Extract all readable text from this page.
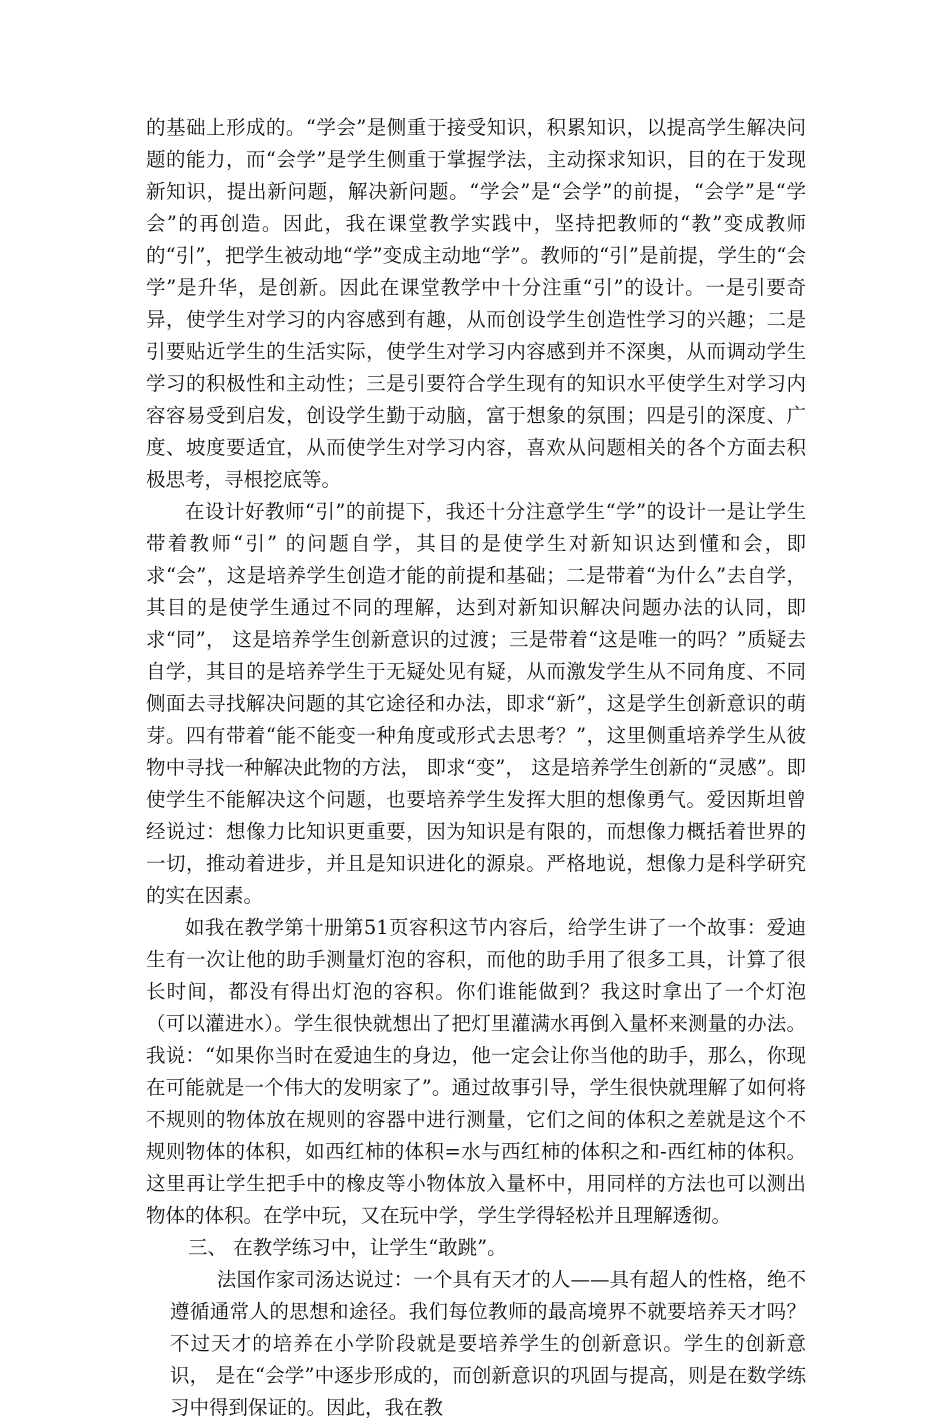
的基础上形成的。“学会”是侧重于接受知识，积累知识，以提高学生解决问题的能力，而“会学”是学生侧重于掌握学法，主动探求知识，目的在于发现新知识，提出新问题，解决新问题。“学会”是“会学”的前提，“会学”是“学会”的再创造。因此，我在课堂教学实践中，坚持把教师的“教”变成教师的“引”，把学生被动地“学”变成主动地“学”。教师的“引”是前提，学生的“会学”是升华，是创新。因此在课堂教学中十分注重“引”的设计。一是引要奇异，使学生对学习的内容感到有趣，从而创设学生创造性学习的兴趣；二是引要贴近学生的生活实际，使学生对学习内容感到并不深奥，从而调动学生学习的积极性和主动性；三是引要符合学生现有的知识水平使学生对学习内容容易受到启发，创设学生勤于动脑，富于想象的氛围；四是引的深度、广度、坡度要适宜，从而使学生对学习内容，喜欢从问题相关的各个方面去积极思考，寻根挖底等。

在设计好教师“引”的前提下，我还十分注意学生“学”的设计一是让学生带着教师“引” 的问题自学，其目的是使学生对新知识达到懂和会，即求“会”，这是培养学生创造才能的前提和基础；二是带着“为什么”去自学，其目的是使学生通过不同的理解，达到对新知识解决问题办法的认同，即求“同”， 这是培养学生创新意识的过渡；三是带着“这是唯一的吗？”质疑去自学，其目的是培养学生于无疑处见有疑，从而激发学生从不同角度、不同侧面去寻找解决问题的其它途径和办法，即求“新”，这是学生创新意识的萌芽。四有带着“能不能变一种角度或形式去思考？”，这里侧重培养学生从彼物中寻找一种解决此物的方法， 即求“变”， 这是培养学生创新的“灵感”。即使学生不能解决这个问题，也要培养学生发挥大胆的想像勇气。爱因斯坦曾经说过：想像力比知识更重要，因为知识是有限的，而想像力概括着世界的一切，推动着进步，并且是知识进化的源泉。严格地说，想像力是科学研究的实在因素。

如我在教学第十册第51页容积这节内容后，给学生讲了一个故事：爱迪生有一次让他的助手测量灯泡的容积，而他的助手用了很多工具，计算了很长时间，都没有得出灯泡的容积。你们谁能做到？我这时拿出了一个灯泡（可以灌进水）。学生很快就想出了把灯里灌满水再倒入量杯来测量的办法。我说：“如果你当时在爱迪生的身边，他一定会让你当他的助手，那么，你现在可能就是一个伟大的发明家了”。通过故事引导，学生很快就理解了如何将不规则的物体放在规则的容器中进行测量，它们之间的体积之差就是这个不规则物体的体积，如西红柿的体积=水与西红柿的体积之和-西红柿的体积。这里再让学生把手中的橡皮等小物体放入量杯中，用同样的方法也可以测出物体的体积。在学中玩，又在玩中学，学生学得轻松并且理解透彻。

三、 在教学练习中，让学生“敢跳”。

法国作家司汤达说过：一个具有天才的人——具有超人的性格，绝不遵循通常人的思想和途径。我们每位教师的最高境界不就要培养天才吗？不过天才的培养在小学阶段就是要培养学生的创新意识。学生的创新意识， 是在“会学”中逐步形成的，而创新意识的巩固与提高，则是在数学练习中得到保证的。因此，我在教
